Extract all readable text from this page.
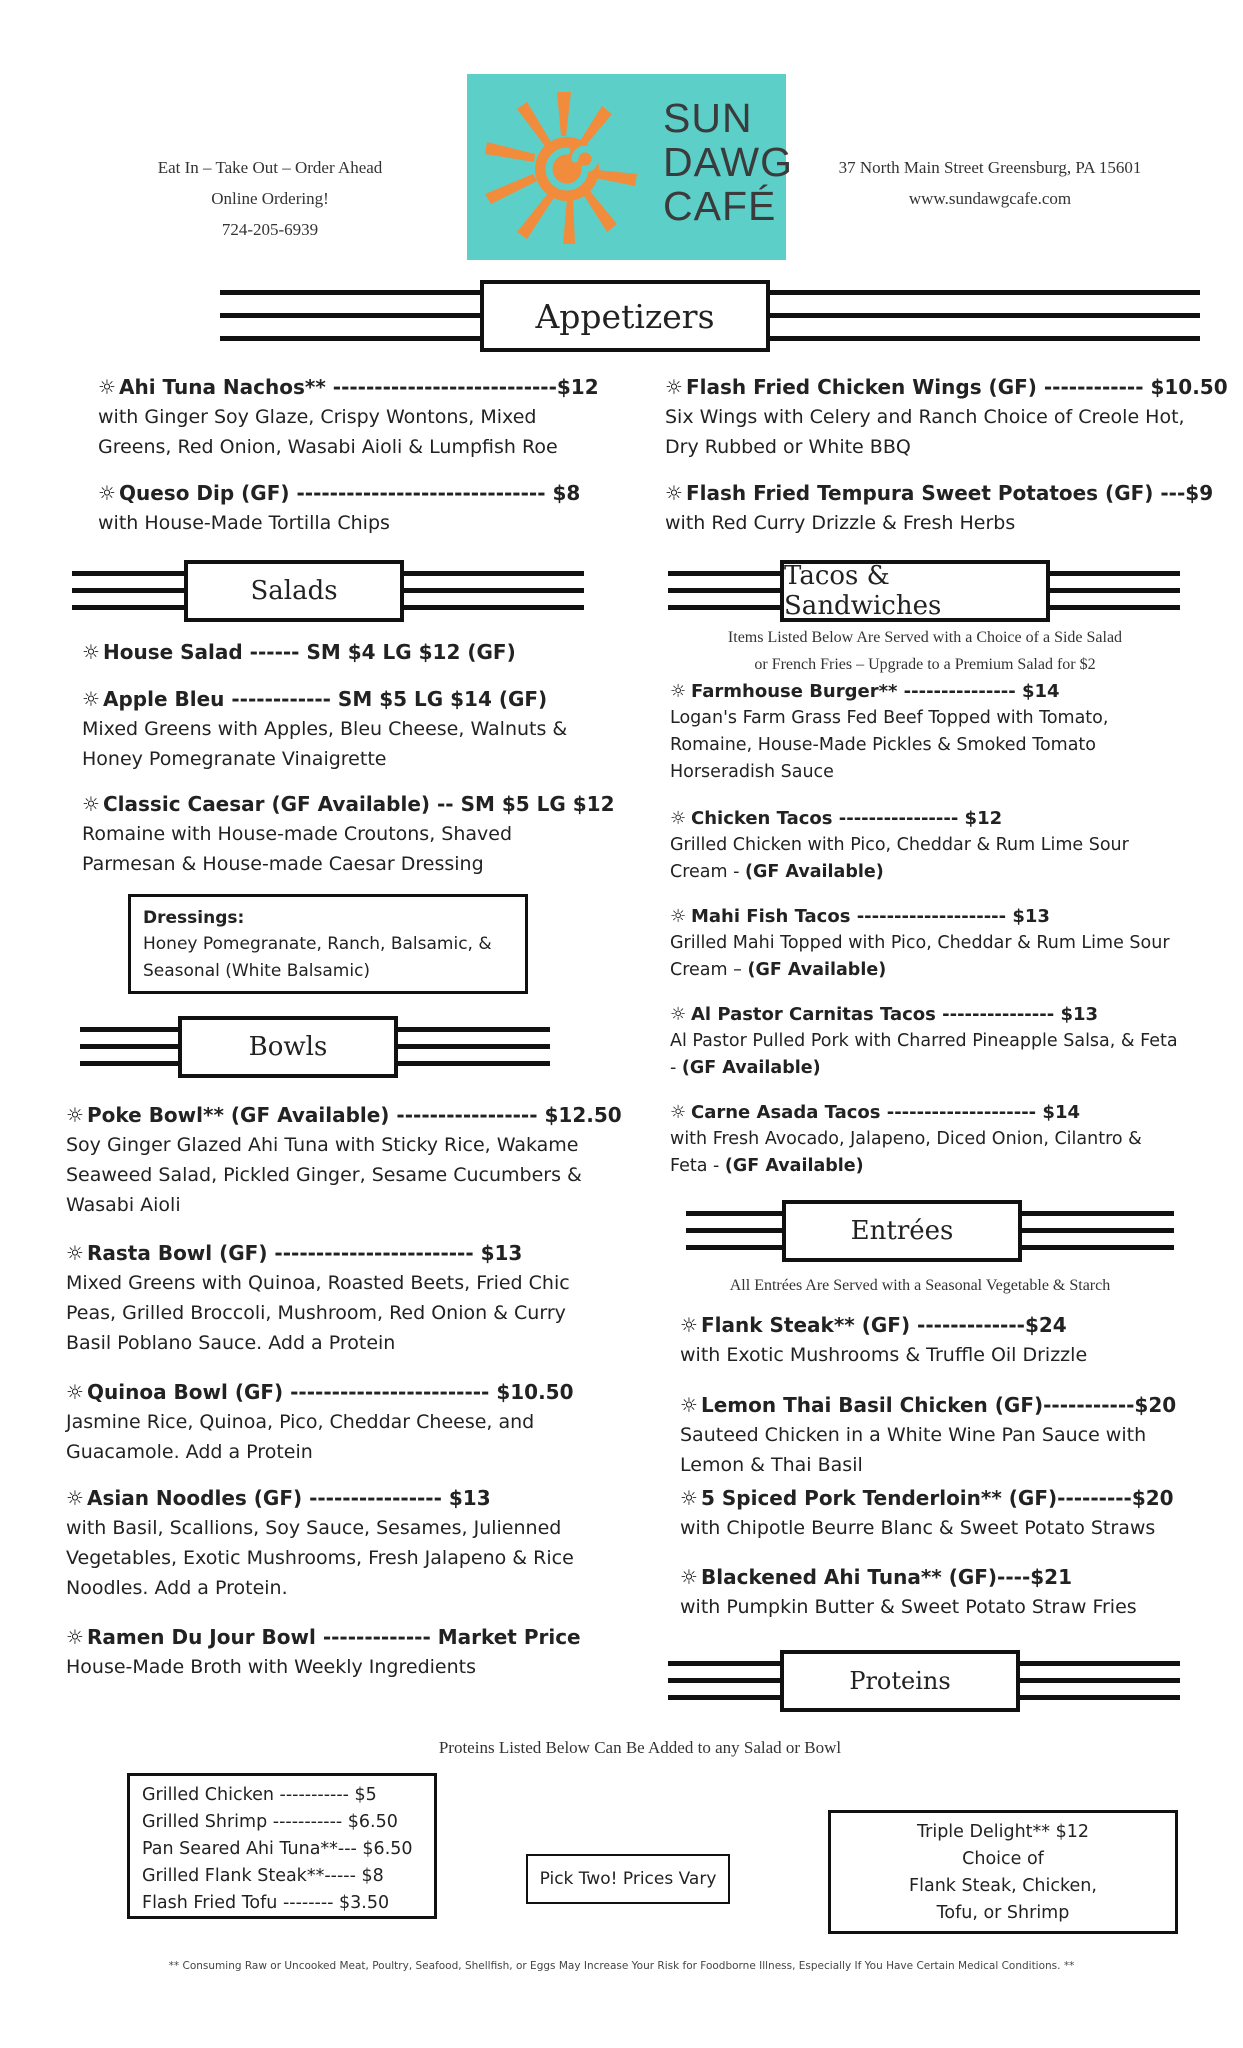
Eat In – Take Out – Order Ahead
Online Ordering!
724-205-6939
SUN
DAWG
CAFÉ
37 North Main Street Greensburg, PA 15601
www.sundawgcafe.com
Appetizers
☼ Ahi Tuna Nachos** ---------------------------$12
with Ginger Soy Glaze, Crispy Wontons, Mixed Greens, Red Onion, Wasabi Aioli & Lumpfish Roe
☼ Queso Dip (GF) ------------------------------ $8
with House-Made Tortilla Chips
☼ Flash Fried Chicken Wings (GF) ------------ $10.50
Six Wings with Celery and Ranch Choice of Creole Hot, Dry Rubbed or White BBQ
☼ Flash Fried Tempura Sweet Potatoes (GF) ---$9
with Red Curry Drizzle & Fresh Herbs
Salads	Tacos & Sandwiches
☼ House Salad ------ SM $4 LG $12 (GF)
☼ Apple Bleu ------------ SM $5 LG $14 (GF)
Mixed Greens with Apples, Bleu Cheese, Walnuts & Honey Pomegranate Vinaigrette
☼ Classic Caesar (GF Available) -- SM $5 LG $12
Romaine with House-made Croutons, Shaved Parmesan & House-made Caesar Dressing
Dressings:
Honey Pomegranate, Ranch, Balsamic, & Seasonal (White Balsamic)
Bowls
☼ Poke Bowl** (GF Available) ----------------- $12.50
Soy Ginger Glazed Ahi Tuna with Sticky Rice, Wakame Seaweed Salad, Pickled Ginger, Sesame Cucumbers & Wasabi Aioli
☼ Rasta Bowl (GF) ------------------------ $13
Mixed Greens with Quinoa, Roasted Beets, Fried Chic Peas, Grilled Broccoli, Mushroom, Red Onion & Curry Basil Poblano Sauce. Add a Protein
☼ Quinoa Bowl (GF) ------------------------ $10.50
Jasmine Rice, Quinoa, Pico, Cheddar Cheese, and Guacamole. Add a Protein
☼ Asian Noodles (GF) ---------------- $13
with Basil, Scallions, Soy Sauce, Sesames, Julienned Vegetables, Exotic Mushrooms, Fresh Jalapeno & Rice Noodles. Add a Protein.
☼ Ramen Du Jour Bowl ------------- Market Price
House-Made Broth with Weekly Ingredients
Items Listed Below Are Served with a Choice of a Side Salad
or French Fries – Upgrade to a Premium Salad for $2
☼ Farmhouse Burger** --------------- $14
Logan's Farm Grass Fed Beef Topped with Tomato, Romaine, House-Made Pickles & Smoked Tomato Horseradish Sauce
☼ Chicken Tacos ---------------- $12
Grilled Chicken with Pico, Cheddar & Rum Lime Sour Cream - (GF Available)
☼ Mahi Fish Tacos -------------------- $13
Grilled Mahi Topped with Pico, Cheddar & Rum Lime Sour Cream – (GF Available)
☼ Al Pastor Carnitas Tacos --------------- $13
Al Pastor Pulled Pork with Charred Pineapple Salsa, & Feta - (GF Available)
☼ Carne Asada Tacos -------------------- $14
with Fresh Avocado, Jalapeno, Diced Onion, Cilantro & Feta - (GF Available)
Entrées
All Entrées Are Served with a Seasonal Vegetable & Starch
☼ Flank Steak** (GF) -------------$24
with Exotic Mushrooms & Truffle Oil Drizzle
☼ Lemon Thai Basil Chicken (GF)-----------$20
Sauteed Chicken in a White Wine Pan Sauce with Lemon & Thai Basil
☼ 5 Spiced Pork Tenderloin** (GF)---------$20
with Chipotle Beurre Blanc & Sweet Potato Straws
☼ Blackened Ahi Tuna** (GF)----$21
with Pumpkin Butter & Sweet Potato Straw Fries
Proteins
Proteins Listed Below Can Be Added to any Salad or Bowl
Grilled Chicken ----------- $5
Grilled Shrimp ----------- $6.50
Pan Seared Ahi Tuna**--- $6.50
Grilled Flank Steak**----- $8
Flash Fried Tofu -------- $3.50
Pick Two! Prices Vary
Triple Delight** $12
Choice of
Flank Steak, Chicken,
Tofu, or Shrimp
** Consuming Raw or Uncooked Meat, Poultry, Seafood, Shellfish, or Eggs May Increase Your Risk for Foodborne Illness, Especially If You Have Certain Medical Conditions. **
